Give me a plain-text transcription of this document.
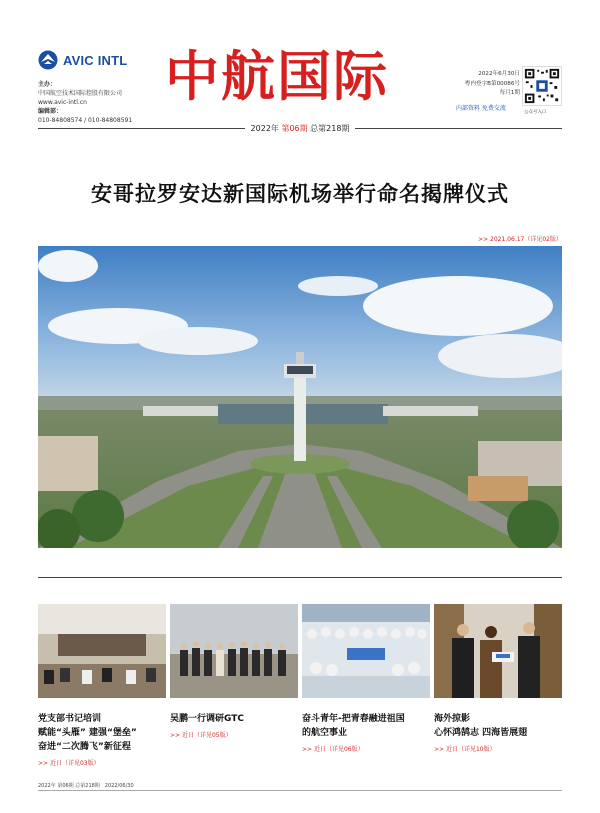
AVIC INTL
主办：
中国航空技术国际控股有限公司
www.avic-intl.cn
编辑部：
010-84808574 / 010-84808591
中航国际	2022年6月30日
粤内登字B第00086号
每月1期
内部资料 免费交流
公众号入口
2022年 第06期 总第218期
安哥拉罗安达新国际机场举行命名揭牌仪式
>> 2021.06.17（详见02版）
党支部书记培训
赋能“头雁” 建强“堡垒”
奋进“二次腾飞”新征程
>> 近日（详见03版）
吴鹏一行调研GTC
>> 近日（详见05版）
奋斗青年-把青春融进祖国
的航空事业
>> 近日（详见06版）
海外掠影
心怀鸿鹄志 四海皆展翅
>> 近日（详见10版）
2022年 第06期 总第218期　2022/06/30
